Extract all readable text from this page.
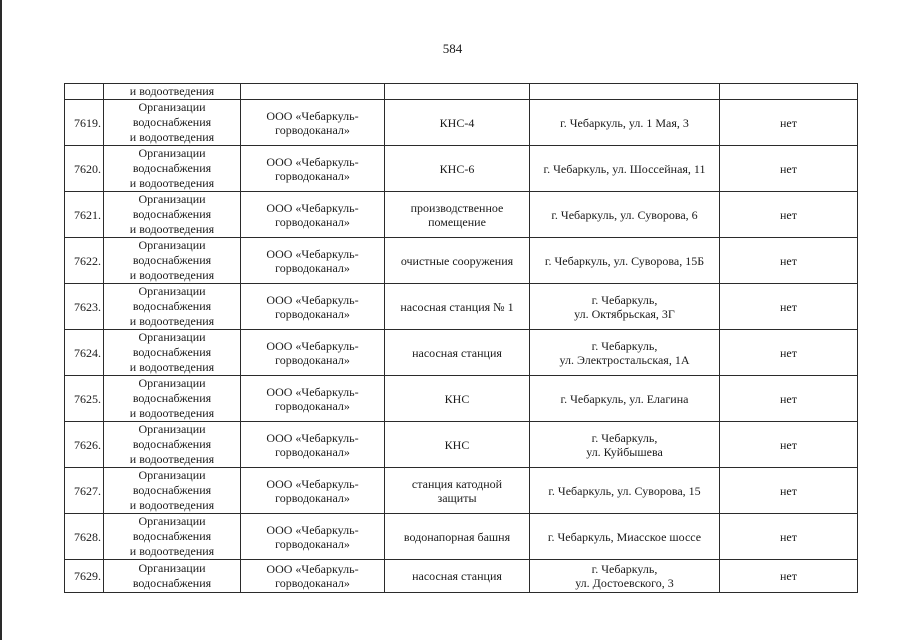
584
	и водоотведения				
7619.	Организации
водоснабжения
и водоотведения	ООО «Чебаркуль-
горводоканал»	КНС-4	г. Чебаркуль, ул. 1 Мая, 3	нет
7620.	Организации
водоснабжения
и водоотведения	ООО «Чебаркуль-
горводоканал»	КНС-6	г. Чебаркуль, ул. Шоссейная, 11	нет
7621.	Организации
водоснабжения
и водоотведения	ООО «Чебаркуль-
горводоканал»	производственное
помещение	г. Чебаркуль, ул. Суворова, 6	нет
7622.	Организации
водоснабжения
и водоотведения	ООО «Чебаркуль-
горводоканал»	очистные сооружения	г. Чебаркуль, ул. Суворова, 15Б	нет
7623.	Организации
водоснабжения
и водоотведения	ООО «Чебаркуль-
горводоканал»	насосная станция № 1	г. Чебаркуль,
ул. Октябрьская, 3Г	нет
7624.	Организации
водоснабжения
и водоотведения	ООО «Чебаркуль-
горводоканал»	насосная станция	г. Чебаркуль,
ул. Электростальская, 1А	нет
7625.	Организации
водоснабжения
и водоотведения	ООО «Чебаркуль-
горводоканал»	КНС	г. Чебаркуль, ул. Елагина	нет
7626.	Организации
водоснабжения
и водоотведения	ООО «Чебаркуль-
горводоканал»	КНС	г. Чебаркуль,
ул. Куйбышева	нет
7627.	Организации
водоснабжения
и водоотведения	ООО «Чебаркуль-
горводоканал»	станция катодной
защиты	г. Чебаркуль, ул. Суворова, 15	нет
7628.	Организации
водоснабжения
и водоотведения	ООО «Чебаркуль-
горводоканал»	водонапорная башня	г. Чебаркуль, Миасское шоссе	нет
7629.	Организации
водоснабжения	ООО «Чебаркуль-
горводоканал»	насосная станция	г. Чебаркуль,
ул. Достоевского, 3	нет
